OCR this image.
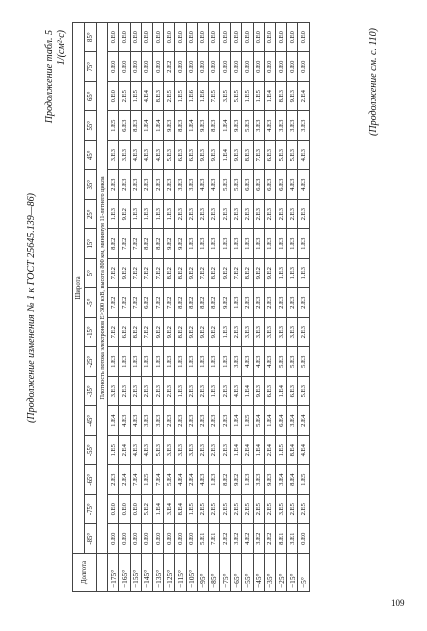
(Продолжение изменения № 1 к ГОСТ 25645.139—86)
Продолжение табл. 5 1/(см²·с)
Долгота	Широта																	
	-85°	-75°	-65°	-55°	-45°	-35°	-25°	-15°	-5°	5°	15°	25°	35°	45°	55°	65°	75°	85°
	Плотность потока электронов Е>300 кэВ, высота 800 км, минимум 11-летнего цикла																	
−175°	0.E0	0.E0	2.E3	1.E5	1.E4	3.E3	1.E3	7.E2	7.E2	7.E2	8.E2	1.E3	2.E3	3.E3	1.E5	0.E0	0.E0	0.E0
−165°	0.E0	0.E0	2.E4	2.E4	4.E3	2.E3	1.E3	6.E2	7.E2	9.E2	7.E2	9.E2	2.E3	3.E3	6.E3	2.E5	0.E0	0.E0
−155°	0.E0	0.E0	7.E4	4.E3	4.E3	2.E3	1.E3	8.E2	7.E2	7.E2	7.E2	1.E3	2.E3	4.E3	8.E3	1.E5	0.E0	0.E0
−145°	0.E0	5.E2	1.E5	4.E3	3.E3	2.E3	1.E3	7.E2	6.E2	7.E2	8.E2	1.E3	2.E3	4.E3	1.E4	4.E4	0.E0	0.E0
−135°	0.E0	1.E4	7.E4	5.E3	3.E3	2.E3	1.E3	9.E2	7.E2	7.E2	8.E2	1.E3	2.E3	4.E3	1.E4	8.E3	0.E0	0.E0
−125°	0.E0	3.E4	5.E4	3.E3	2.E3	2.E3	1.E3	9.E2	7.E2	8.E2	9.E2	1.E3	2.E3	5.E3	9.E3	2.E5	2.E2	0.E0
−115°	0.E0	8.E4	4.E4	3.E3	2.E3	1.E3	1.E3	8.E2	8.E2	8.E2	9.E2	2.E3	3.E3	6.E3	8.E3	1.E5	0.E0	0.E0
−105°	0.E0	1.E5	2.E4	3.E3	2.E3	2.E3	1.E3	9.E2	8.E2	9.E2	1.E3	2.E3	3.E3	6.E3	1.E4	1.E6	0.E0	0.E0
−95°	5.E1	2.E5	4.E3	2.E3	2.E3	2.E3	1.E3	9.E2	8.E2	7.E2	1.E3	2.E3	4.E3	9.E3	9.E3	1.E6	0.E0	0.E0
−85°	7.E1	2.E5	1.E3	2.E3	2.E3	1.E3	1.E3	9.E2	8.E2	8.E2	1.E3	2.E3	4.E3	9.E3	8.E3	7.E5	0.E0	0.E0
−75°	2.E2	2.E5	8.E2	2.E3	2.E3	2.E3	1.E3	1.E3	9.E2	9.E2	1.E3	2.E3	5.E3	1.E4	1.E4	3.E5	0.E0	0.E0
−65°	3.E2	2.E5	9.E2	1.E4	1.E4	4.E3	3.E3	2.E3	1.E3	7.E2	1.E3	2.E3	5.E3	9.E3	9.E3	5.E5	0.E0	0.E0
−55°	4.E2	2.E5	1.E3	2.E4	1.E5	1.E4	4.E3	3.E3	2.E3	8.E2	1.E3	2.E3	6.E3	8.E3	5.E3	1.E5	0.E0	0.E0
−45°	3.E2	2.E5	3.E3	1.E4	5.E4	9.E3	4.E3	3.E3	2.E3	9.E2	1.E3	2.E3	6.E3	7.E3	3.E3	1.E5	0.E0	0.E0
−35°	2.E2	2.E5	9.E3	2.E4	1.E4	6.E3	4.E3	3.E3	2.E3	9.E2	1.E3	2.E3	6.E3	6.E3	4.E3	1.E4	0.E0	0.E0
−25°	8.E1	3.E5	3.E4	1.E5	6.E4	1.E4	5.E3	3.E3	2.E3	1.E3	1.E3	2.E3	6.E3	5.E3	3.E3	8.E3	0.E0	0.E0
−15°	3.E1	2.E5	8.E4	8.E4	3.E4	6.E3	5.E3	3.E3	2.E3	1.E3	1.E3	2.E3	4.E3	5.E3	3.E3	9.E3	0.E0	0.E0
−5°	0.E0	2.E5	1.E5	4.E4	2.E4	5.E3	5.E3	2.E3	2.E3	1.E3	1.E3	2.E3	4.E3	4.E3	3.E3	2.E4	0.E0	0.E0	(Продолжение см. с. 110)
109
